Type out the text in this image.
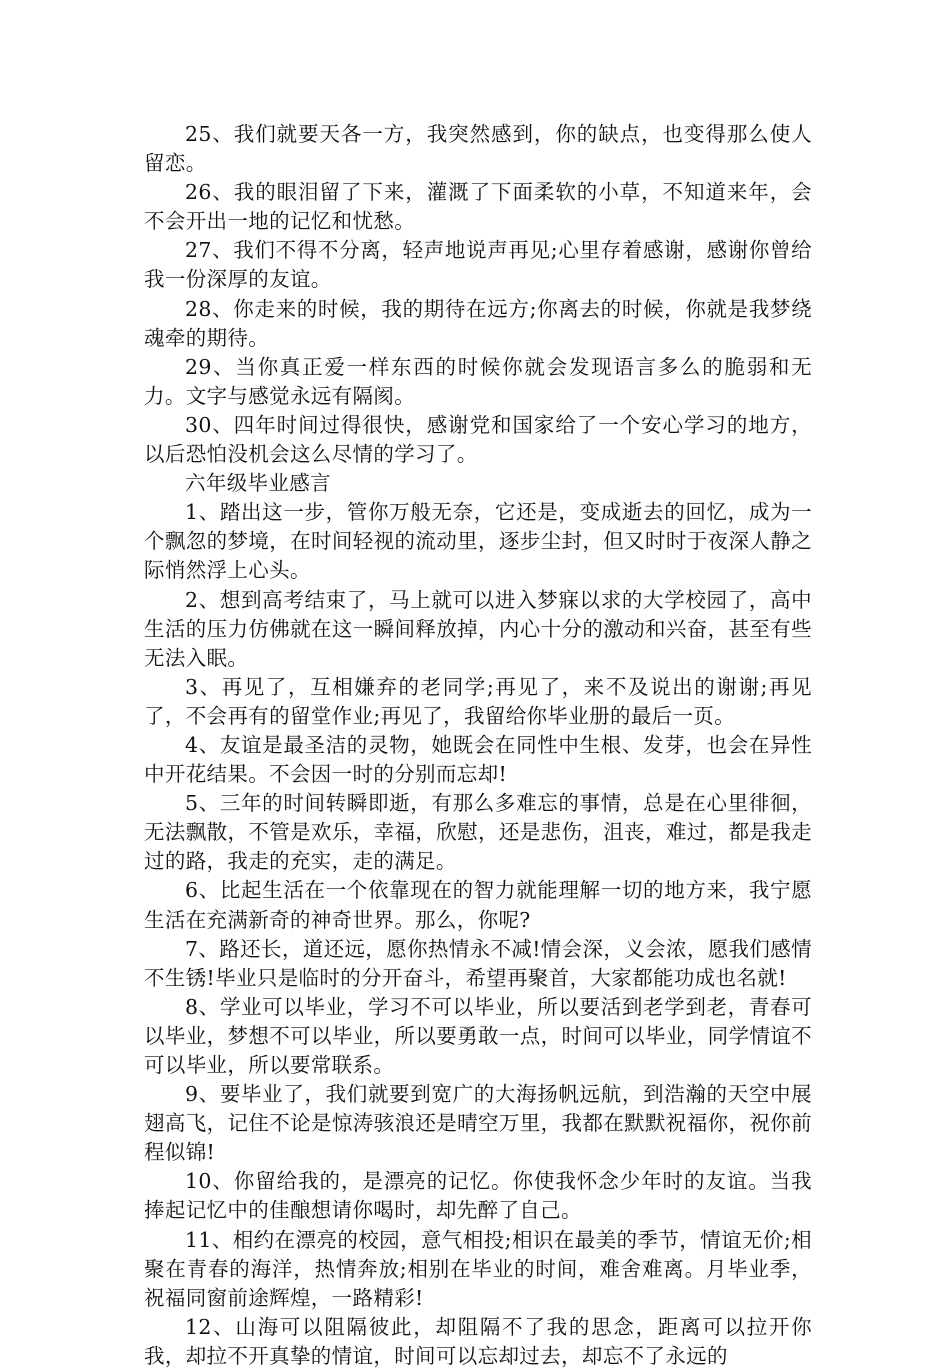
25、我们就要天各一方，我突然感到，你的缺点，也变得那么使人留恋。

26、我的眼泪留了下来，灌溉了下面柔软的小草，不知道来年，会不会开出一地的记忆和忧愁。

27、我们不得不分离，轻声地说声再见;心里存着感谢，感谢你曾给我一份深厚的友谊。

28、你走来的时候，我的期待在远方;你离去的时候，你就是我梦绕魂牵的期待。

29、当你真正爱一样东西的时候你就会发现语言多么的脆弱和无力。文字与感觉永远有隔阂。

30、四年时间过得很快，感谢党和国家给了一个安心学习的地方，以后恐怕没机会这么尽情的学习了。

六年级毕业感言

1、踏出这一步，管你万般无奈，它还是，变成逝去的回忆，成为一个飘忽的梦境，在时间轻视的流动里，逐步尘封，但又时时于夜深人静之际悄然浮上心头。

2、想到高考结束了，马上就可以进入梦寐以求的大学校园了，高中生活的压力仿佛就在这一瞬间释放掉，内心十分的激动和兴奋，甚至有些无法入眠。

3、再见了，互相嫌弃的老同学;再见了，来不及说出的谢谢;再见了，不会再有的留堂作业;再见了，我留给你毕业册的最后一页。

4、友谊是最圣洁的灵物，她既会在同性中生根、发芽，也会在异性中开花结果。不会因一时的分别而忘却!

5、三年的时间转瞬即逝，有那么多难忘的事情，总是在心里徘徊，无法飘散，不管是欢乐，幸福，欣慰，还是悲伤，沮丧，难过，都是我走过的路，我走的充实，走的满足。

6、比起生活在一个依靠现在的智力就能理解一切的地方来，我宁愿生活在充满新奇的神奇世界。那么，你呢?

7、路还长，道还远，愿你热情永不减!情会深，义会浓，愿我们感情不生锈!毕业只是临时的分开奋斗，希望再聚首，大家都能功成也名就!

8、学业可以毕业，学习不可以毕业，所以要活到老学到老，青春可以毕业，梦想不可以毕业，所以要勇敢一点，时间可以毕业，同学情谊不可以毕业，所以要常联系。

9、要毕业了，我们就要到宽广的大海扬帆远航，到浩瀚的天空中展翅高飞，记住不论是惊涛骇浪还是晴空万里，我都在默默祝福你，祝你前程似锦!

10、你留给我的，是漂亮的记忆。你使我怀念少年时的友谊。当我捧起记忆中的佳酿想请你喝时，却先醉了自己。

11、相约在漂亮的校园，意气相投;相识在最美的季节，情谊无价;相聚在青春的海洋，热情奔放;相别在毕业的时间，难舍难离。月毕业季，祝福同窗前途辉煌，一路精彩!

12、山海可以阻隔彼此，却阻隔不了我的思念，距离可以拉开你我，却拉不开真挚的情谊，时间可以忘却过去，却忘不了永远的
